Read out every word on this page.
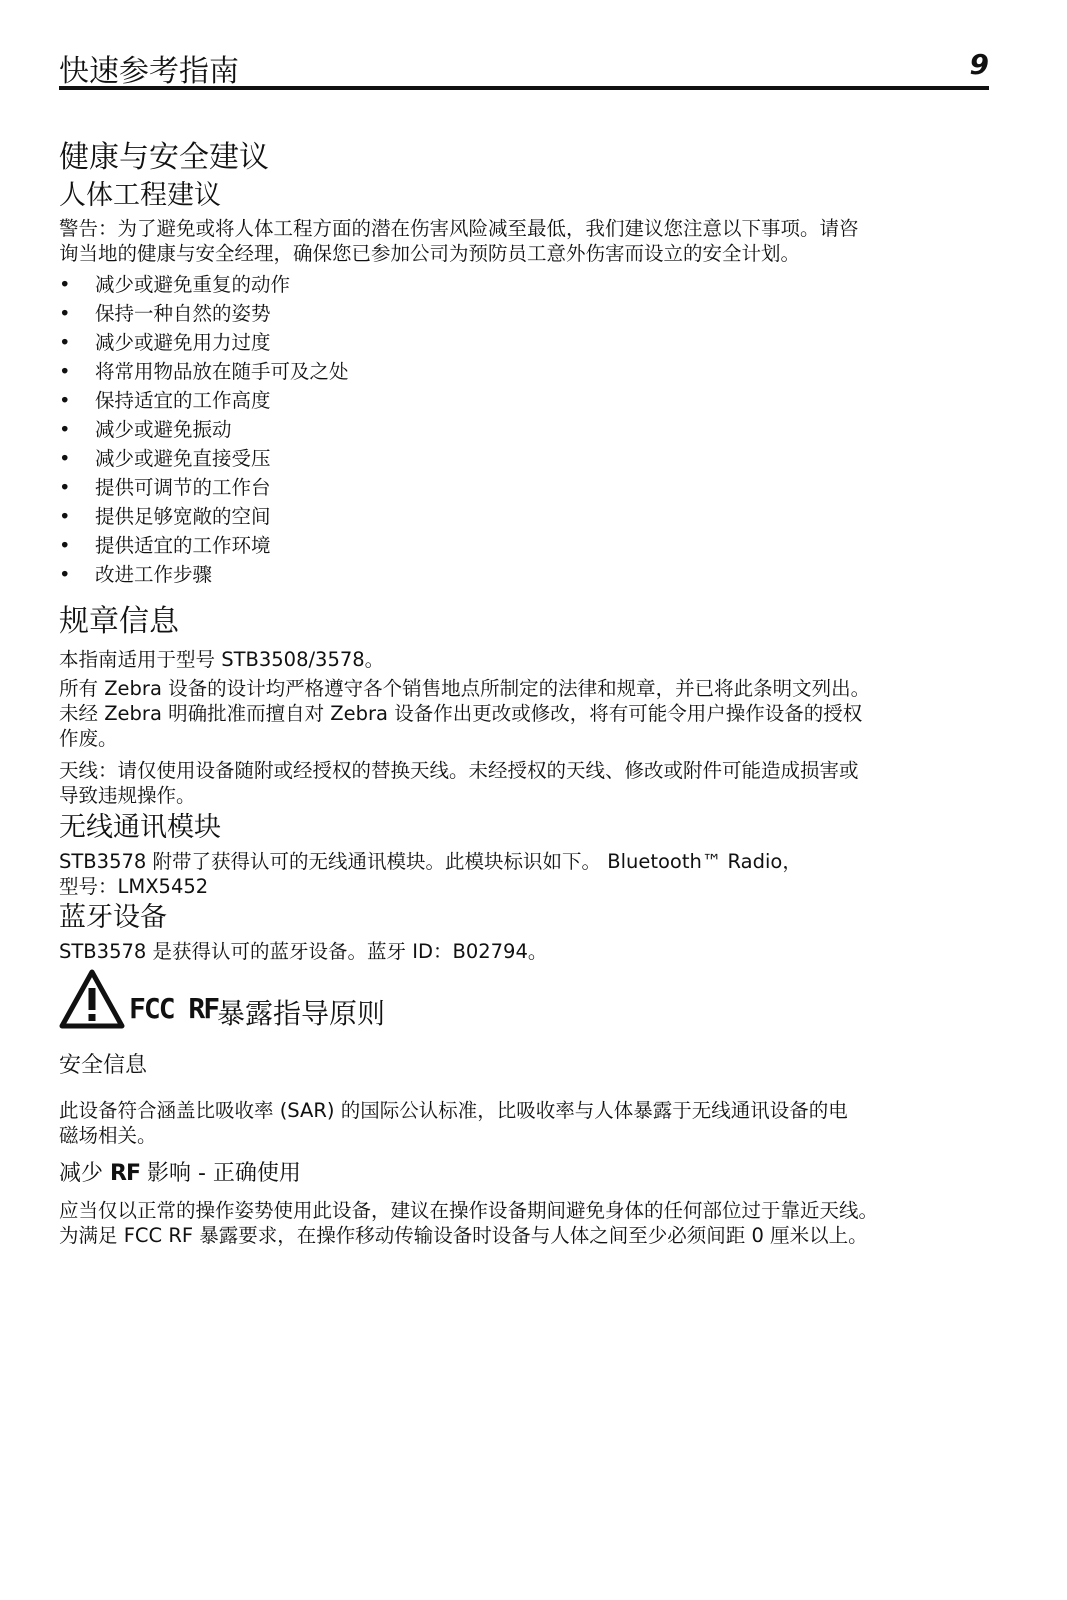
快速参考指南	9
健康与安全建议
人体工程建议
警告：为了避免或将人体工程方面的潜在伤害风险减至最低，我们建议您注意以下事项。请咨
询当地的健康与安全经理，确保您已参加公司为预防员工意外伤害而设立的安全计划。
• 减少或避免重复的动作
• 保持一种自然的姿势
• 减少或避免用力过度
• 将常用物品放在随手可及之处
• 保持适宜的工作高度
• 减少或避免振动
• 减少或避免直接受压
• 提供可调节的工作台
• 提供足够宽敞的空间
• 提供适宜的工作环境
• 改进工作步骤
规章信息
本指南适用于型号 STB3508/3578。
所有 Zebra 设备的设计均严格遵守各个销售地点所制定的法律和规章，并已将此条明文列出。
未经 Zebra 明确批准而擅自对 Zebra 设备作出更改或修改，将有可能令用户操作设备的授权
作废。
天线：请仅使用设备随附或经授权的替换天线。未经授权的天线、修改或附件可能造成损害或
导致违规操作。
无线通讯模块
STB3578 附带了获得认可的无线通讯模块。此模块标识如下。 Bluetooth™ Radio，
型号：LMX5452
蓝牙设备
STB3578 是获得认可的蓝牙设备。蓝牙 ID：B02794。
FCC RF
暴露指导原则
安全信息
此设备符合涵盖比吸收率 (SAR) 的国际公认标准，比吸收率与人体暴露于无线通讯设备的电
磁场相关。
减少 RF 影响 - 正确使用
应当仅以正常的操作姿势使用此设备，建议在操作设备期间避免身体的任何部位过于靠近天线。
为满足 FCC RF 暴露要求，在操作移动传输设备时设备与人体之间至少必须间距 0 厘米以上。
